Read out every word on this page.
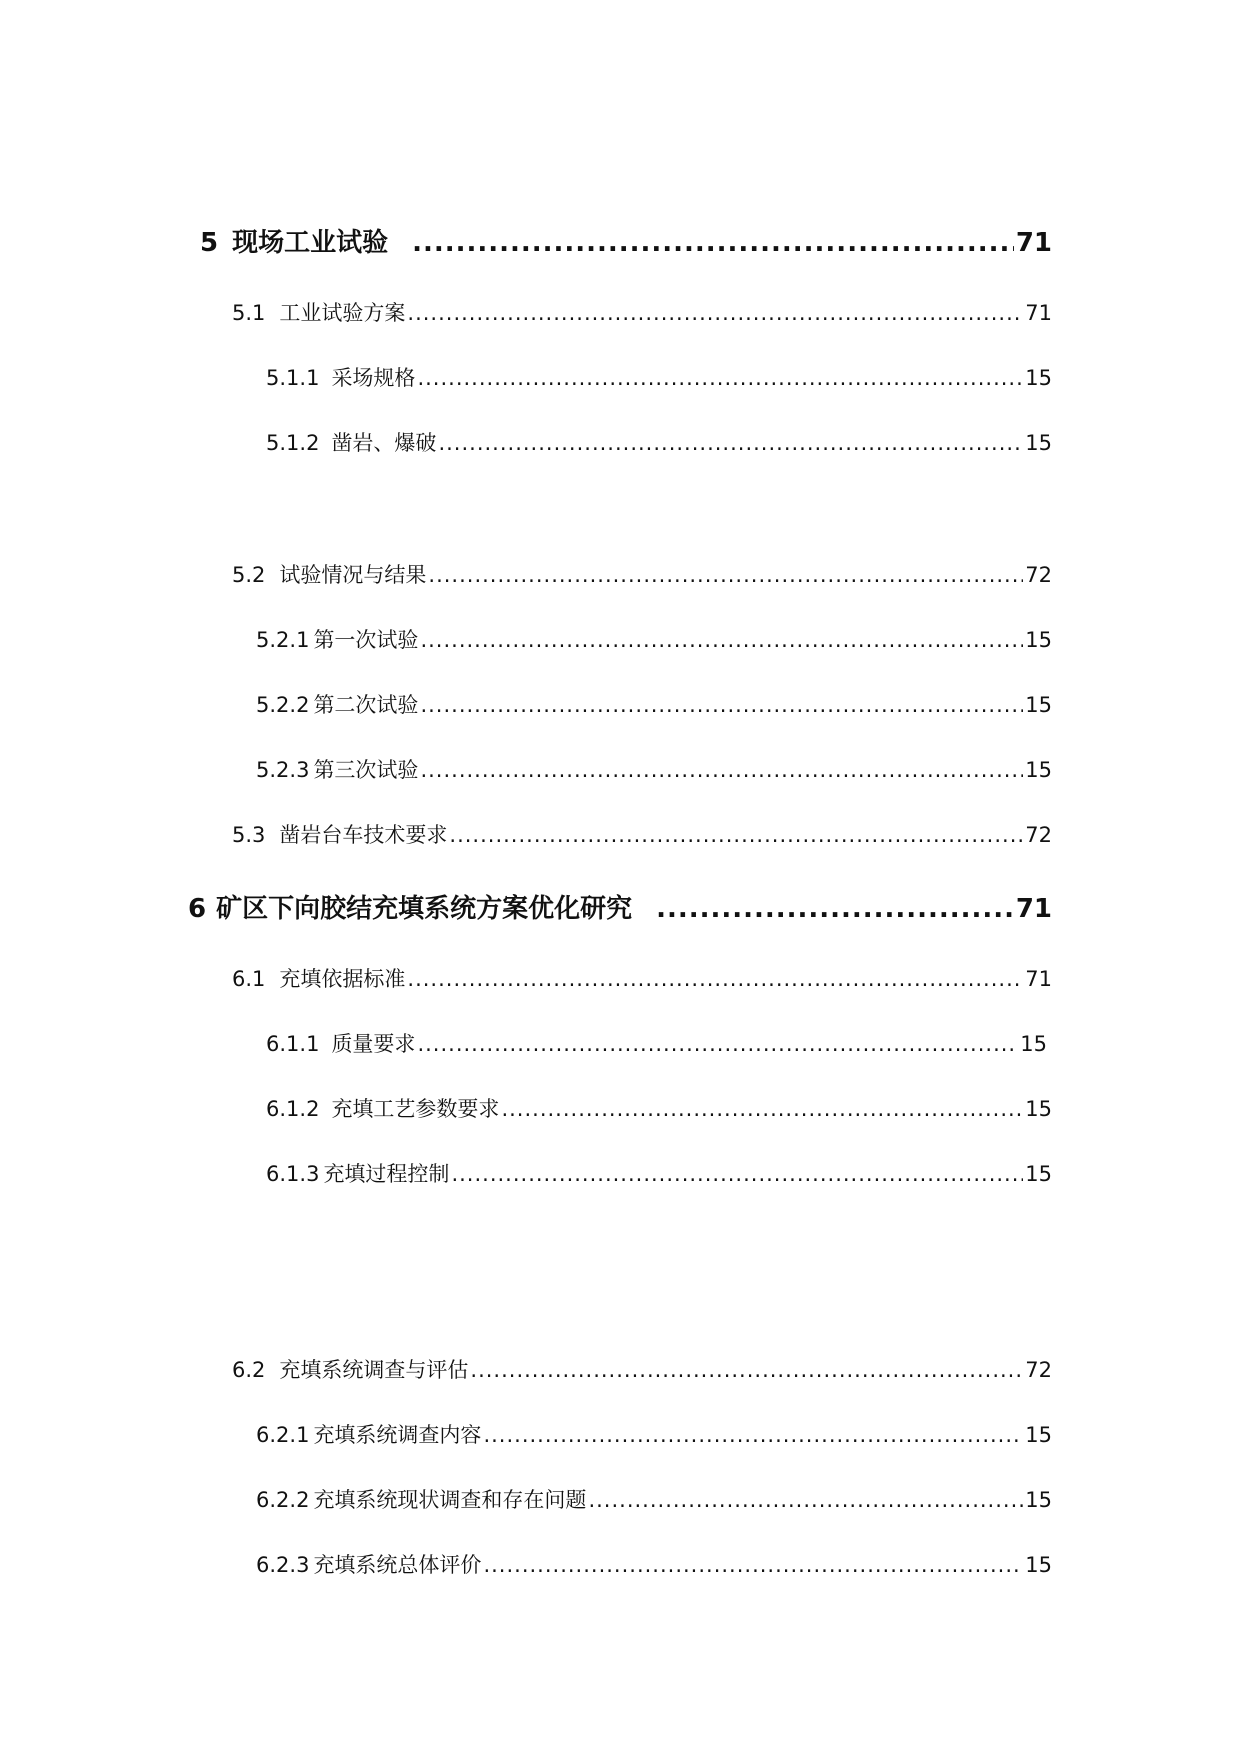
5 现场工业试验 .....	71
5.1 工业试验方案 .....	71
5.1.1 采场规格 .....	15
5.1.2 凿岩、爆破 .....	15
5.2 试验情况与结果 .....	72
5.2.1 第一次试验 .....	15
5.2.2 第二次试验 .....	15
5.2.3 第三次试验 .....	15
5.3 凿岩台车技术要求 .....	72
6 矿区下向胶结充填系统方案优化研究 .....	71
6.1 充填依据标准 .....	71
6.1.1 质量要求 .....	15
6.1.2 充填工艺参数要求 .....	15
6.1.3 充填过程控制 .....	15
6.2 充填系统调查与评估 .....	72
6.2.1 充填系统调查内容 .....	15
6.2.2 充填系统现状调查和存在问题 .....	15
6.2.3 充填系统总体评价 .....	15
